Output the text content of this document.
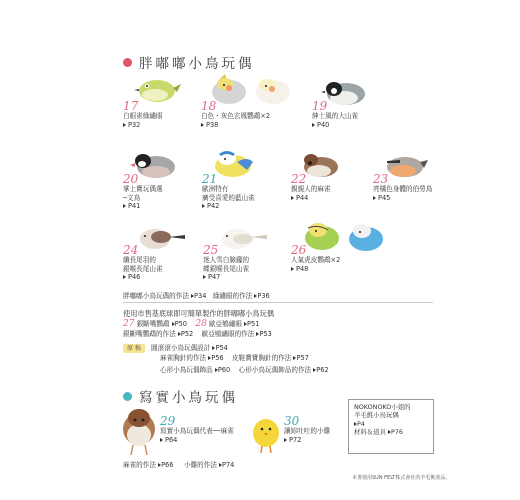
胖嘟嘟小鳥玩偶
17
白眼雀綠繡眼
P32
18
白色・灰色玄鳳鸚鵡×2
P38
19
紳士風的大山雀
P40
20
掌上寶玩偶選
─文鳥
P41
21
歐洲特有
廣受喜愛的藍山雀
P42
22
親親人的麻雀
P44
23
亮橘色身體的伯勞鳥
P45
24
纖長尾羽的
銀喉長尾山雀
P46
25
迷人雪白臉龐的
蝶銀喉長尾山雀
P47
26
人氣虎皮鸚鵡×2
P48
胖嘟嘟小鳥玩偶的作法 P34 綠繡眼的作法 P36
使用市售基底球即可簡單製作的胖嘟嘟小鳥玩偶
27 銀斷嘴鸚鵡 P50 28 歐亞鴝繡眼 P51
銀斷嘴鸚鵡的作法 P52 歐亞鴝繡眼的作法 P53
原 稿 圓滾滾小鳥玩偶設計 P54
麻雀胸針的作法 P56 皮鞋寶寶胸針的作法 P57
心形小鳥玩偶飾品 P60 心形小鳥玩偶飾品的作法 P62
寫實小鳥玩偶
29
寫實小鳥玩偶代表──麻雀
P64
30
讓妳吐吐的小雞
P72
麻雀的作法 P66 小雞的作法 P74
NOKONOKO小姐的
羊毛氈小鳥玩偶
P4
材料＆道具 P76
本書使用SUN FELT株式會社的羊毛氈產品。
